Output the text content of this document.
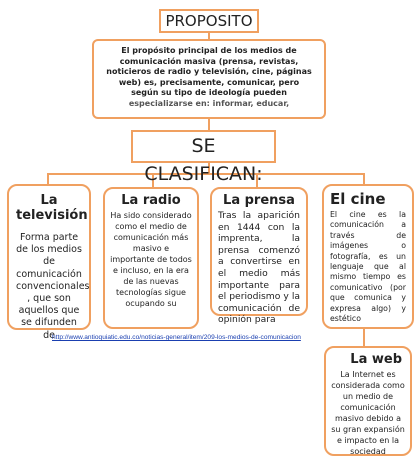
PROPOSITO
El propósito principal de los medios de comunicación masiva (prensa, revistas, noticieros de radio y televisión, cine, páginas web) es, precisamente, comunicar, pero según su tipo de ideología pueden especializarse en: informar, educar,
SE CLASIFICAN:
La televisión

Forma parte de los medios de comunicación convencionales , que son aquellos que se difunden de

La radio

Ha sido considerado como el medio de comunicación más masivo e importante de todos e incluso, en la era de las nuevas tecnologías sigue ocupando su

La prensa

Tras la aparición en 1444 con la imprenta, la prensa comenzó a convertirse en el medio más importante para el periodismo y la comunicación de opinión para

El cine

El cine es la comunicación a través de imágenes o fotografía, es un lenguaje que al mismo tiempo es comunicativo (por que comunica y expresa algo) y estético

http://www.antioquiatic.edu.co/noticias-general/item/209-los-medios-de-comunicacion
La web

La Internet es considerada como un medio de comunicación masivo debido a su gran expansión e impacto en la sociedad
